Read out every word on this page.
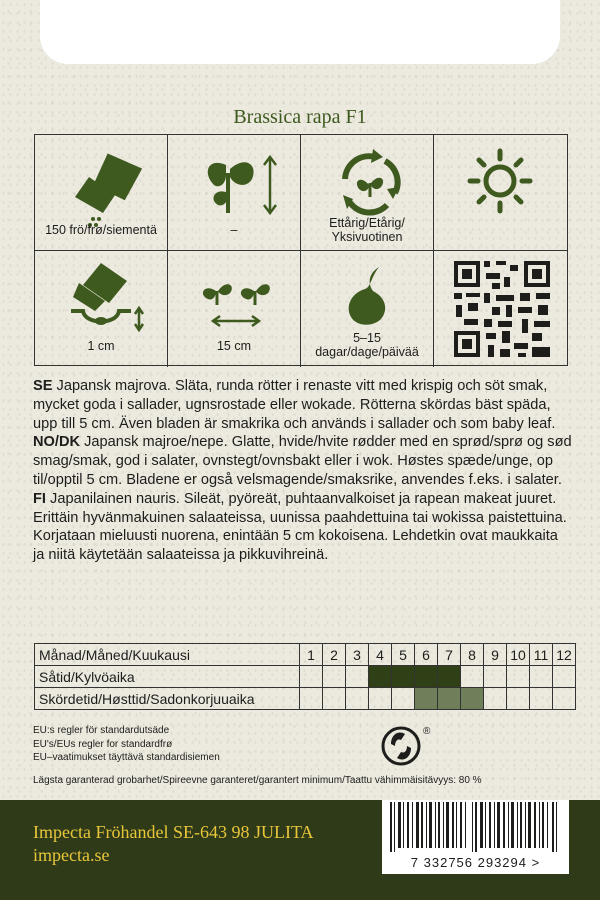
Brassica rapa F1
150 frö/frø/siementä	–	Ettårig/Etårig/ Yksivuotinen
1 cm	15 cm
5–15 dagar/dage/päivää

SE Japansk majrova. Släta, runda rötter i renaste vitt med krispig och söt smak, mycket goda i sallader, ugnsrostade eller wokade. Rötterna skördas bäst späda, upp till 5 cm. Även bladen är smakrika och används i sallader och som baby leaf.

NO/DK Japansk majroe/nepe. Glatte, hvide/hvite rødder med en sprød/sprø og sød smag/smak, god i salater, ovnstegt/ovnsbakt eller i wok. Høstes spæde/unge, op til/opptil 5 cm. Bladene er også velsmagende/smaksrike, anvendes f.eks. i salater.

FI Japanilainen nauris. Sileät, pyöreät, puhtaanvalkoiset ja rapean makeat juuret. Erittäin hyvänmakuinen salaateissa, uunissa paahdettuina tai wokissa paistettuina. Korjataan mieluusti nuorena, enintään 5 cm kokoisena. Lehdetkin ovat maukkaita ja niitä käytetään salaateissa ja pikkuvihreinä.

Månad/Måned/Kuukausi	1	2	3	4	5	6	7	8	9	10	11	12
Såtid/Kylvöaika												
Skördetid/Høsttid/Sadonkorjuuaika												
EU:s regler för standardutsäde
EU's/EUs regler for standardfrø
EU–vaatimukset täyttävä standardisiemen
®
Lägsta garanterad grobarhet/Spireevne garanteret/garantert minimum/Taattu vähimmäisitävyys: 80 %
Impecta Fröhandel SE-643 98 JULITA
impecta.se	7 332756 293294 >
